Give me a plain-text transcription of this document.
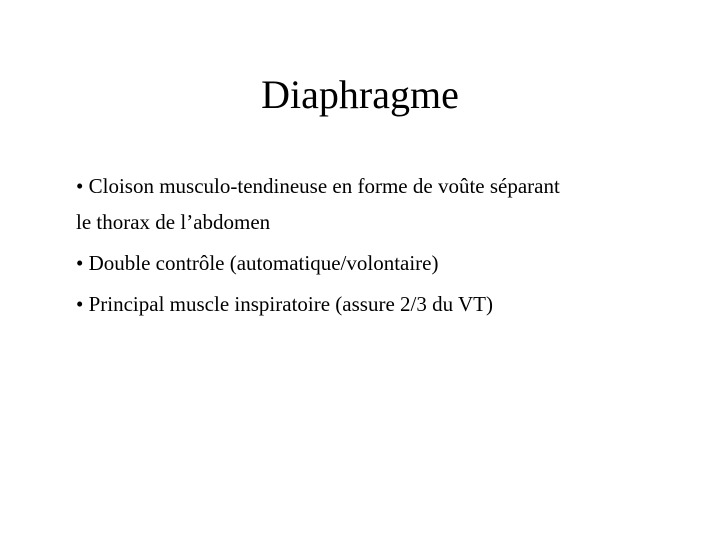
Diaphragme
• Cloison musculo-tendineuse en forme de voûte séparant
le thorax de l’abdomen
• Double contrôle (automatique/volontaire)
• Principal muscle inspiratoire (assure 2/3 du VT)
